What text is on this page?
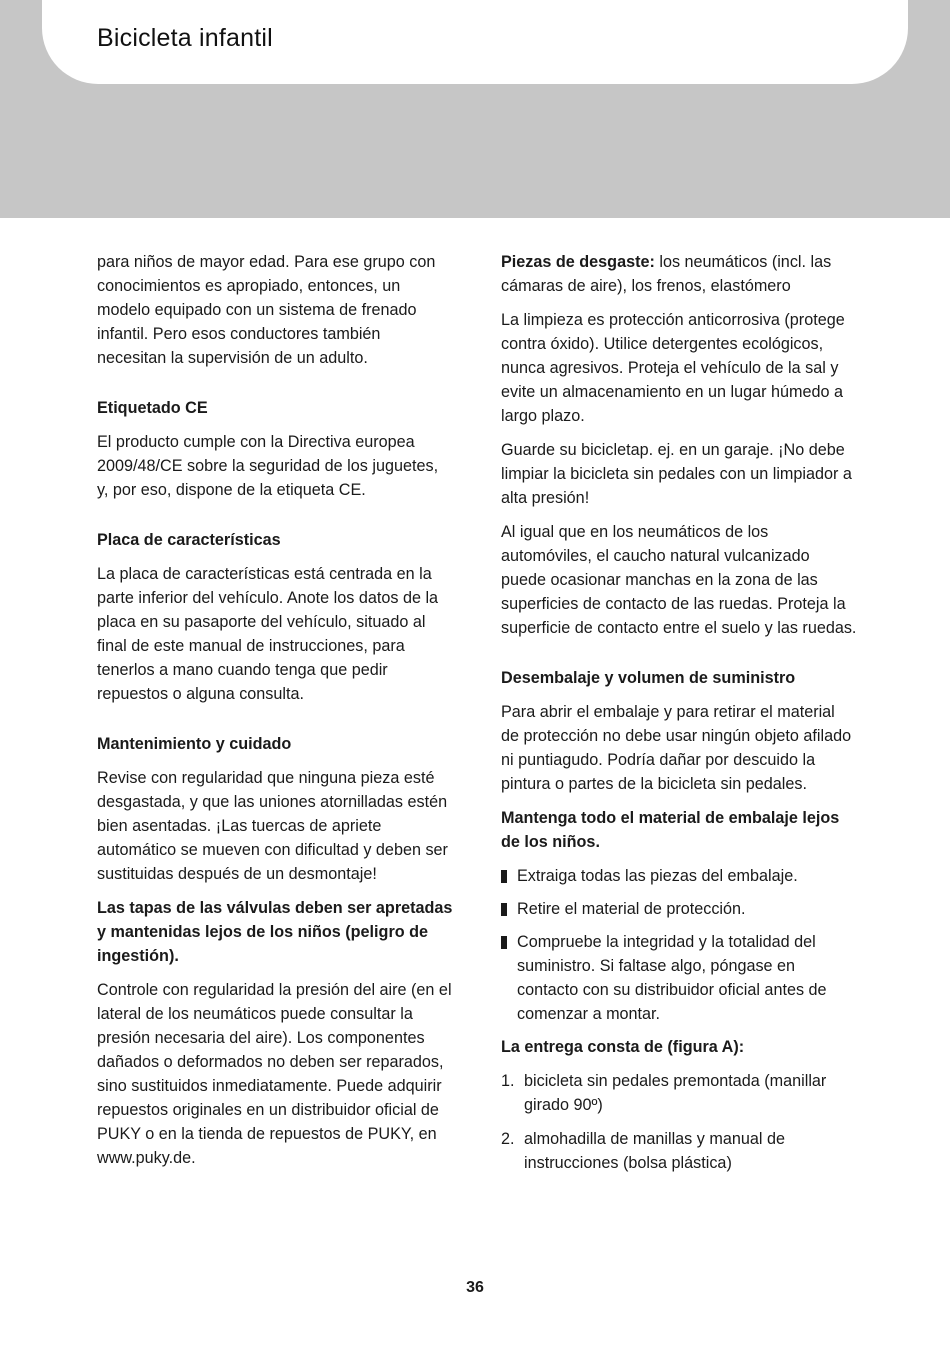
Bicicleta infantil

para niños de mayor edad. Para ese grupo con conocimientos es apropiado, entonces, un modelo equipado con un sistema de frenado infantil. Pero esos conductores también necesitan la supervisión de un adulto.

Etiquetado CE

El producto cumple con la Directiva europea 2009/48/CE sobre la seguridad de los juguetes, y, por eso, dispone de la etiqueta CE.

Placa de características

La placa de características está centrada en la parte inferior del vehículo. Anote los datos de la placa en su pasaporte del vehículo, situado al final de este manual de instrucciones, para tenerlos a mano cuando tenga que pedir repuestos o alguna consulta.

Mantenimiento y cuidado

Revise con regularidad que ninguna pieza esté desgastada, y que las uniones atornilladas estén bien asentadas. ¡Las tuercas de apriete automático se mueven con dificultad y deben ser sustituidas después de un desmontaje!

Las tapas de las válvulas deben ser apretadas y mantenidas lejos de los niños (peligro de ingestión).

Controle con regularidad la presión del aire (en el lateral de los neumáticos puede consultar la presión necesaria del aire). Los componentes dañados o deformados no deben ser reparados, sino sustituidos inmediatamente. Puede adquirir repuestos originales en un distribuidor oficial de PUKY o en la tienda de repuestos de PUKY, en www.puky.de.

Piezas de desgaste: los neumáticos (incl. las cámaras de aire), los frenos, elastómero

La limpieza es protección anticorrosiva (protege contra óxido). Utilice detergentes ecológicos, nunca agresivos. Proteja el vehículo de la sal y evite un almacenamiento en un lugar húmedo a largo plazo.

Guarde su bicicletap. ej. en un garaje. ¡No debe limpiar la bicicleta sin pedales con un limpiador a alta presión!

Al igual que en los neumáticos de los automóviles, el caucho natural vulcanizado puede ocasionar manchas en la zona de las superficies de contacto de las ruedas. Proteja la superficie de contacto entre el suelo y las ruedas.

Desembalaje y volumen de suministro

Para abrir el embalaje y para retirar el material de protección no debe usar ningún objeto afilado ni puntiagudo. Podría dañar por descuido la pintura o partes de la bicicleta sin pedales.

Mantenga todo el material de embalaje lejos de los niños.

Extraiga todas las piezas del embalaje.
Retire el material de protección.
Compruebe la integridad y la totalidad del suministro. Si faltase algo, póngase en contacto con su distribuidor oficial antes de comenzar a montar.
La entrega consta de (figura A):
1. bicicleta sin pedales premontada (manillar girado 90º)
2. almohadilla de manillas y manual de instrucciones (bolsa plástica)
36
